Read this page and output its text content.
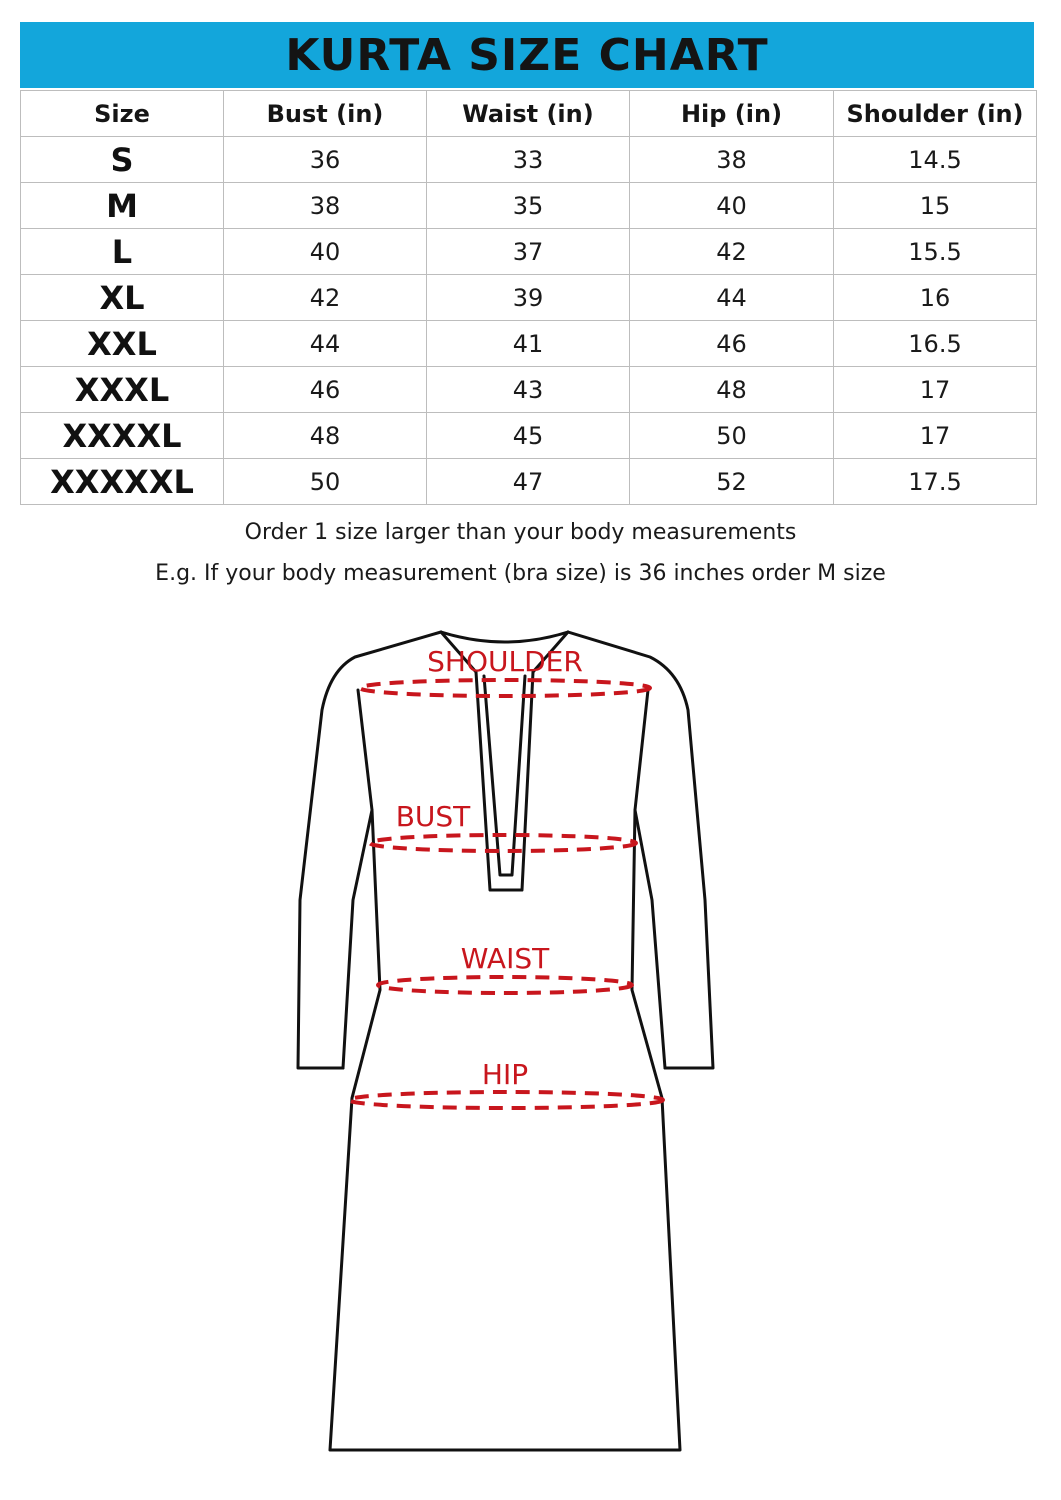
KURTA SIZE CHART
Size	Bust (in)	Waist (in)	Hip (in)	Shoulder (in)
S	36	33	38	14.5
M	38	35	40	15
L	40	37	42	15.5
XL	42	39	44	16
XXL	44	41	46	16.5
XXXL	46	43	48	17
XXXXL	48	45	50	17
XXXXXL	50	47	52	17.5
Order 1 size larger than your body measurements
E.g. If your body measurement (bra size) is 36 inches order M size
SHOULDER
BUST
WAIST
HIP
